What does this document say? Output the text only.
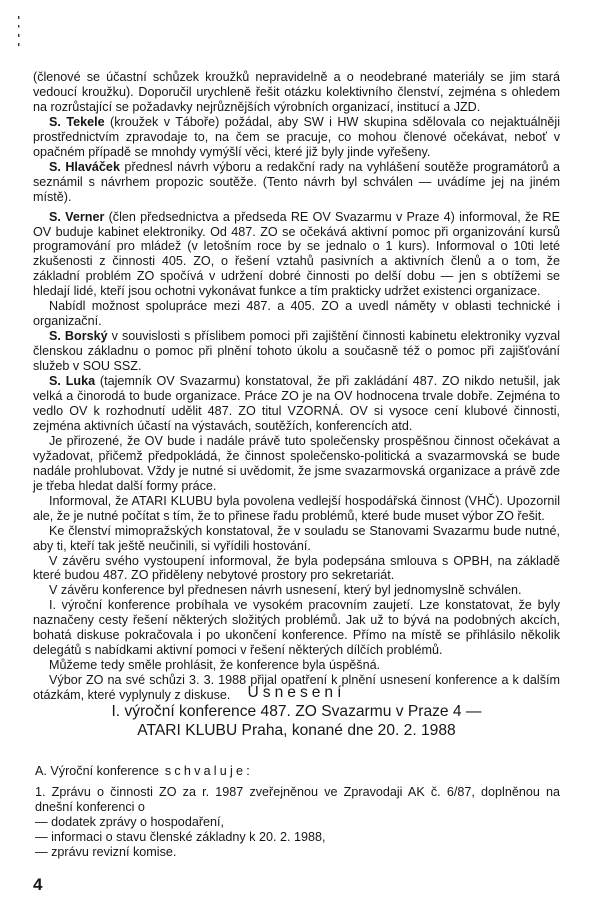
(členové se účastní schůzek kroužků nepravidelně a o neodebrané materiály se jim stará vedoucí kroužku). Doporučil urychleně řešit otázku kolektivního členství, zejména s ohledem na rozrůstající se požadavky nejrůznějších výrobních organizací, institucí a JZD.

S. Tekele (kroužek v Táboře) požádal, aby SW i HW skupina sdělovala co nejaktuálněji prostřednictvím zpravodaje to, na čem se pracuje, co mohou členové očekávat, neboť v opačném případě se mnohdy vymýšlí věci, které již byly jinde vyřešeny.

S. Hlaváček přednesl návrh výboru a redakční rady na vyhlášení soutěže programátorů a seznámil s návrhem propozic soutěže. (Tento návrh byl schválen — uvádíme jej na jiném místě).

S. Verner (člen předsednictva a předseda RE OV Svazarmu v Praze 4) informoval, že RE OV buduje kabinet elektroniky. Od 487. ZO se očekává aktivní pomoc při organizování kursů programování pro mládež (v letošním roce by se jednalo o 1 kurs). Informoval o 10ti leté zkušenosti z činnosti 405. ZO, o řešení vztahů pasivních a aktivních členů a o tom, že základní problém ZO spočívá v udržení dobré činnosti po delší dobu — jen s obtížemi se hledají lidé, kteří jsou ochotni vykonávat funkce a tím prakticky udržet existenci organizace.

Nabídl možnost spolupráce mezi 487. a 405. ZO a uvedl náměty v oblasti technické i organizační.

S. Borský v souvislosti s příslibem pomoci při zajištění činnosti kabinetu elektroniky vyzval členskou základnu o pomoc při plnění tohoto úkolu a současně též o pomoc při zajišťování služeb v SOU SSZ.

S. Luka (tajemník OV Svazarmu) konstatoval, že při zakládání 487. ZO nikdo netušil, jak velká a činorodá to bude organizace. Práce ZO je na OV hodnocena trvale dobře. Zejména to vedlo OV k rozhodnutí udělit 487. ZO titul VZORNÁ. OV si vysoce cení klubové činnosti, zejména aktivních účastí na výstavách, soutěžích, konferencích atd.

Je přirozené, že OV bude i nadále právě tuto společensky prospěšnou činnost očekávat a vyžadovat, přičemž předpokládá, že činnost společensko-politická a svazarmovská se bude nadále prohlubovat. Vždy je nutné si uvědomit, že jsme svazarmovská organizace a právě zde je třeba hledat další formy práce.

Informoval, že ATARI KLUBU byla povolena vedlejší hospodářská činnost (VHČ). Upozornil ale, že je nutné počítat s tím, že to přinese řadu problémů, které bude muset výbor ZO řešit.

Ke členství mimopražských konstatoval, že v souladu se Stanovami Svazarmu bude nutné, aby ti, kteří tak ještě neučinili, si vyřídili hostování.

V závěru svého vystoupení informoval, že byla podepsána smlouva s OPBH, na základě které budou 487. ZO přiděleny nebytové prostory pro sekretariát.

V závěru konference byl přednesen návrh usnesení, který byl jednomyslně schválen.

I. výroční konference probíhala ve vysokém pracovním zaujetí. Lze konstatovat, že byly naznačeny cesty řešení některých složitých problémů. Jak už to bývá na podobných akcích, bohatá diskuse pokračovala i po ukončení konference. Přímo na místě se přihlásilo několik delegátů s nabídkami aktivní pomoci v řešení některých dílčích problémů.

Můžeme tedy směle prohlásit, že konference byla úspěšná.

Výbor ZO na své schůzi 3. 3. 1988 přijal opatření k plnění usnesení konference a k dalším otázkám, které vyplynuly z diskuse.	Usnesení
I. výroční konference 487. ZO Svazarmu v Praze 4 —
ATARI KLUBU Praha, konané dne 20. 2. 1988
A. Výroční konference schvaluje:
1. Zprávu o činnosti ZO za r. 1987 zveřejněnou ve Zpravodaji AK č. 6/87, doplněnou na dnešní konferenci o
— dodatek zprávy o hospodaření,
— informaci o stavu členské základny k 20. 2. 1988,
— zprávu revizní komise.
4
